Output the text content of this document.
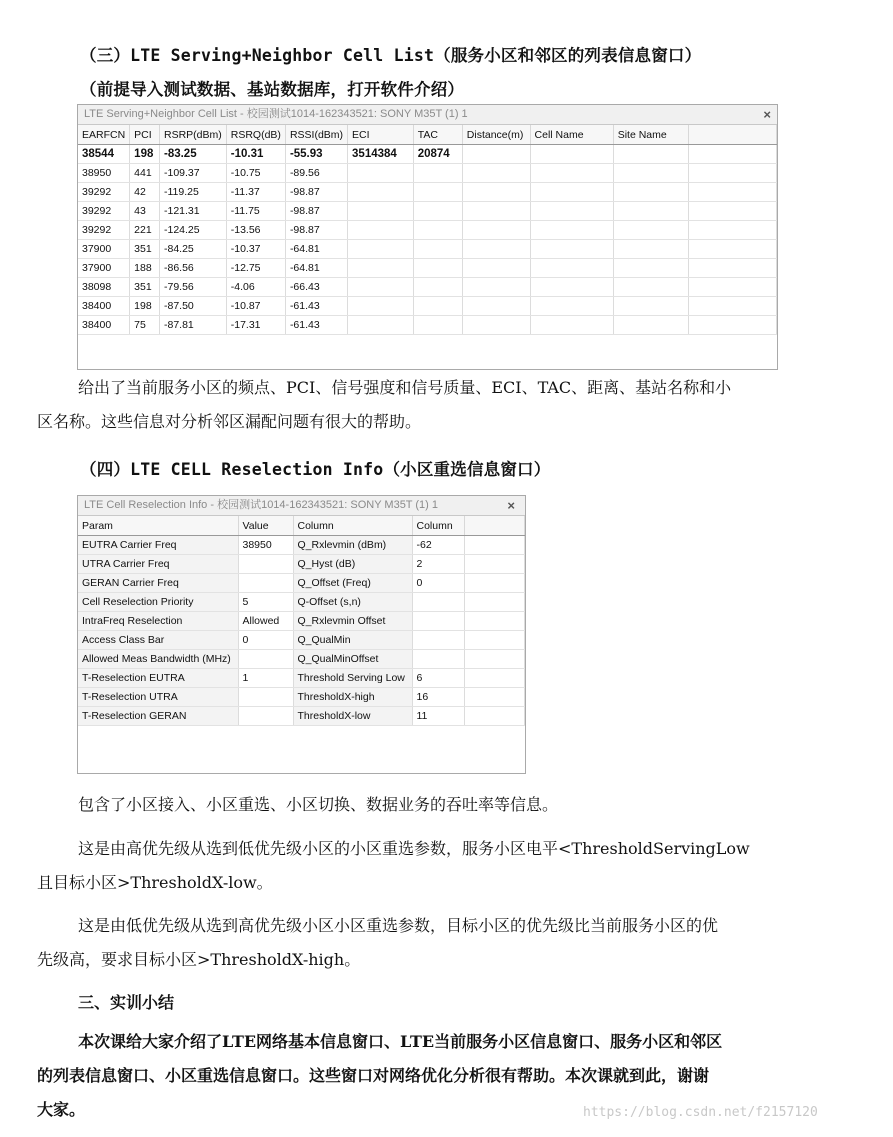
（三）LTE Serving+Neighbor Cell List（服务小区和邻区的列表信息窗口）
（前提导入测试数据、基站数据库，打开软件介绍）
LTE Serving+Neighbor Cell List - 校园测试1014-162343521: SONY M35T (1) 1	×
EARFCN	PCI	RSRP(dBm)	RSRQ(dB)	RSSI(dBm)	ECI	TAC	Distance(m)	Cell Name	Site Name	
38544	198	-83.25	-10.31	-55.93	3514384	20874				
38950	441	-109.37	-10.75	-89.56						
39292	42	-119.25	-11.37	-98.87						
39292	43	-121.31	-11.75	-98.87						
39292	221	-124.25	-13.56	-98.87						
37900	351	-84.25	-10.37	-64.81						
37900	188	-86.56	-12.75	-64.81						
38098	351	-79.56	-4.06	-66.43						
38400	198	-87.50	-10.87	-61.43						
38400	75	-87.81	-17.31	-61.43						
给出了当前服务小区的频点、PCI、信号强度和信号质量、ECI、TAC、距离、基站名称和小
区名称。这些信息对分析邻区漏配问题有很大的帮助。
（四）LTE CELL Reselection Info（小区重选信息窗口）
LTE Cell Reselection Info - 校园测试1014-162343521: SONY M35T (1) 1	×
Param	Value	Column	Column	
EUTRA Carrier Freq	38950	Q_Rxlevmin (dBm)	-62	
UTRA Carrier Freq		Q_Hyst (dB)	2	
GERAN Carrier Freq		Q_Offset (Freq)	0	
Cell Reselection Priority	5	Q-Offset (s,n)		
IntraFreq Reselection	Allowed	Q_Rxlevmin Offset		
Access Class Bar	0	Q_QualMin		
Allowed Meas Bandwidth (MHz)		Q_QualMinOffset		
T-Reselection EUTRA	1	Threshold Serving Low	6	
T-Reselection UTRA		ThresholdX-high	16	
T-Reselection GERAN		ThresholdX-low	11	
包含了小区接入、小区重选、小区切换、数据业务的吞吐率等信息。
这是由高优先级从选到低优先级小区的小区重选参数，服务小区电平<ThresholdServingLow
且目标小区>ThresholdX-low。
这是由低优先级从选到高优先级小区小区重选参数，目标小区的优先级比当前服务小区的优
先级高，要求目标小区>ThresholdX-high。
三、实训小结
本次课给大家介绍了LTE网络基本信息窗口、LTE当前服务小区信息窗口、服务小区和邻区
的列表信息窗口、小区重选信息窗口。这些窗口对网络优化分析很有帮助。本次课就到此，谢谢
大家。	https://blog.csdn.net/f2157120
